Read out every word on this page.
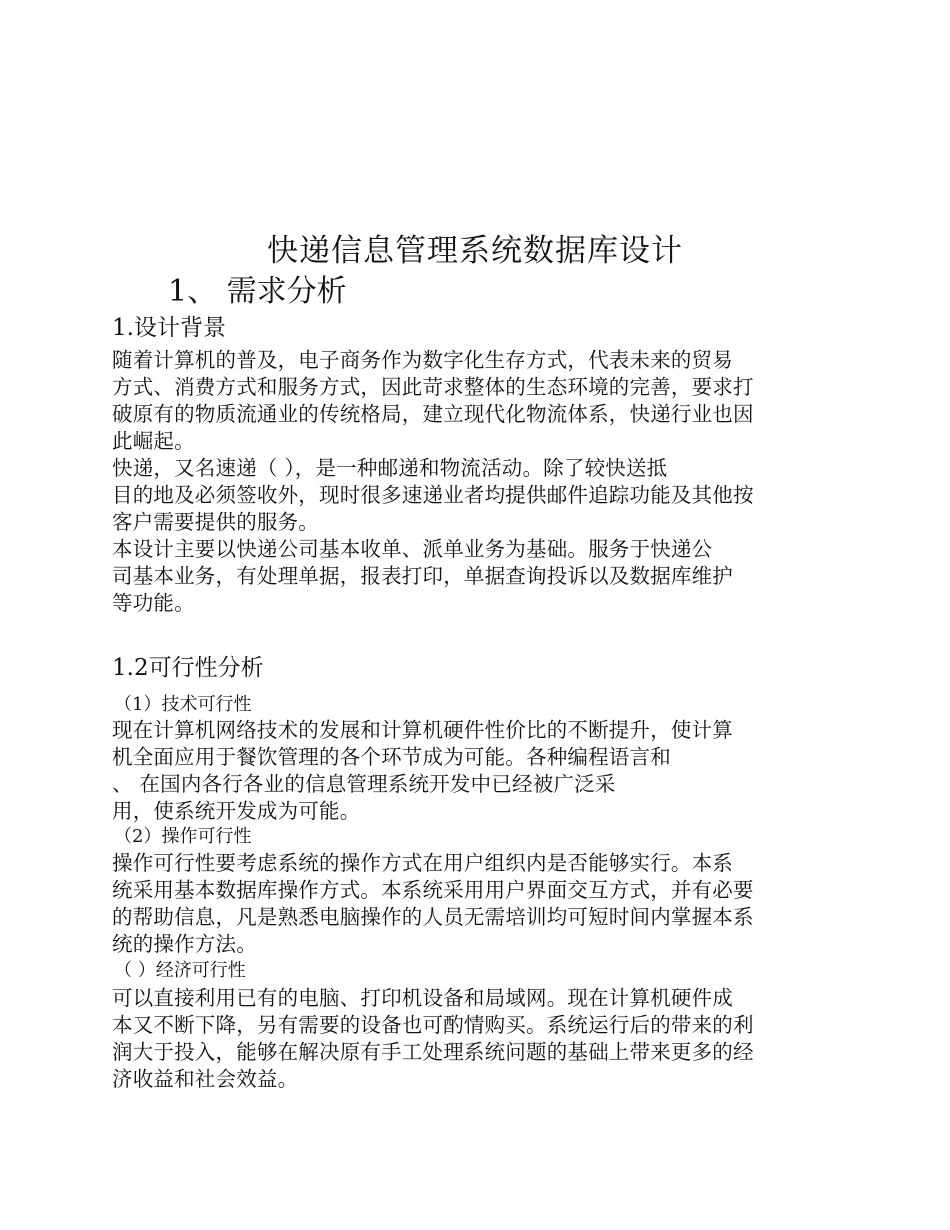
快递信息管理系统数据库设计
1、 需求分析
1.设计背景
随着计算机的普及，电子商务作为数字化生存方式，代表未来的贸易
方式、消费方式和服务方式，因此苛求整体的生态环境的完善，要求打
破原有的物质流通业的传统格局，建立现代化物流体系，快递行业也因
此崛起。
快递，又名速递（ ），是一种邮递和物流活动。除了较快送抵
目的地及必须签收外，现时很多速递业者均提供邮件追踪功能及其他按
客户需要提供的服务。
本设计主要以快递公司基本收单、派单业务为基础。服务于快递公
司基本业务，有处理单据，报表打印，单据查询投诉以及数据库维护
等功能。
1.2可行性分析
（1）技术可行性
现在计算机网络技术的发展和计算机硬件性价比的不断提升，使计算
机全面应用于餐饮管理的各个环节成为可能。各种编程语言和
、 在国内各行各业的信息管理系统开发中已经被广泛采
用，使系统开发成为可能。
（2）操作可行性
操作可行性要考虑系统的操作方式在用户组织内是否能够实行。本系
统采用基本数据库操作方式。本系统采用用户界面交互方式，并有必要
的帮助信息，凡是熟悉电脑操作的人员无需培训均可短时间内掌握本系
统的操作方法。
（ ）经济可行性
可以直接利用已有的电脑、打印机设备和局域网。现在计算机硬件成
本又不断下降，另有需要的设备也可酌情购买。系统运行后的带来的利
润大于投入，能够在解决原有手工处理系统问题的基础上带来更多的经
济收益和社会效益。
